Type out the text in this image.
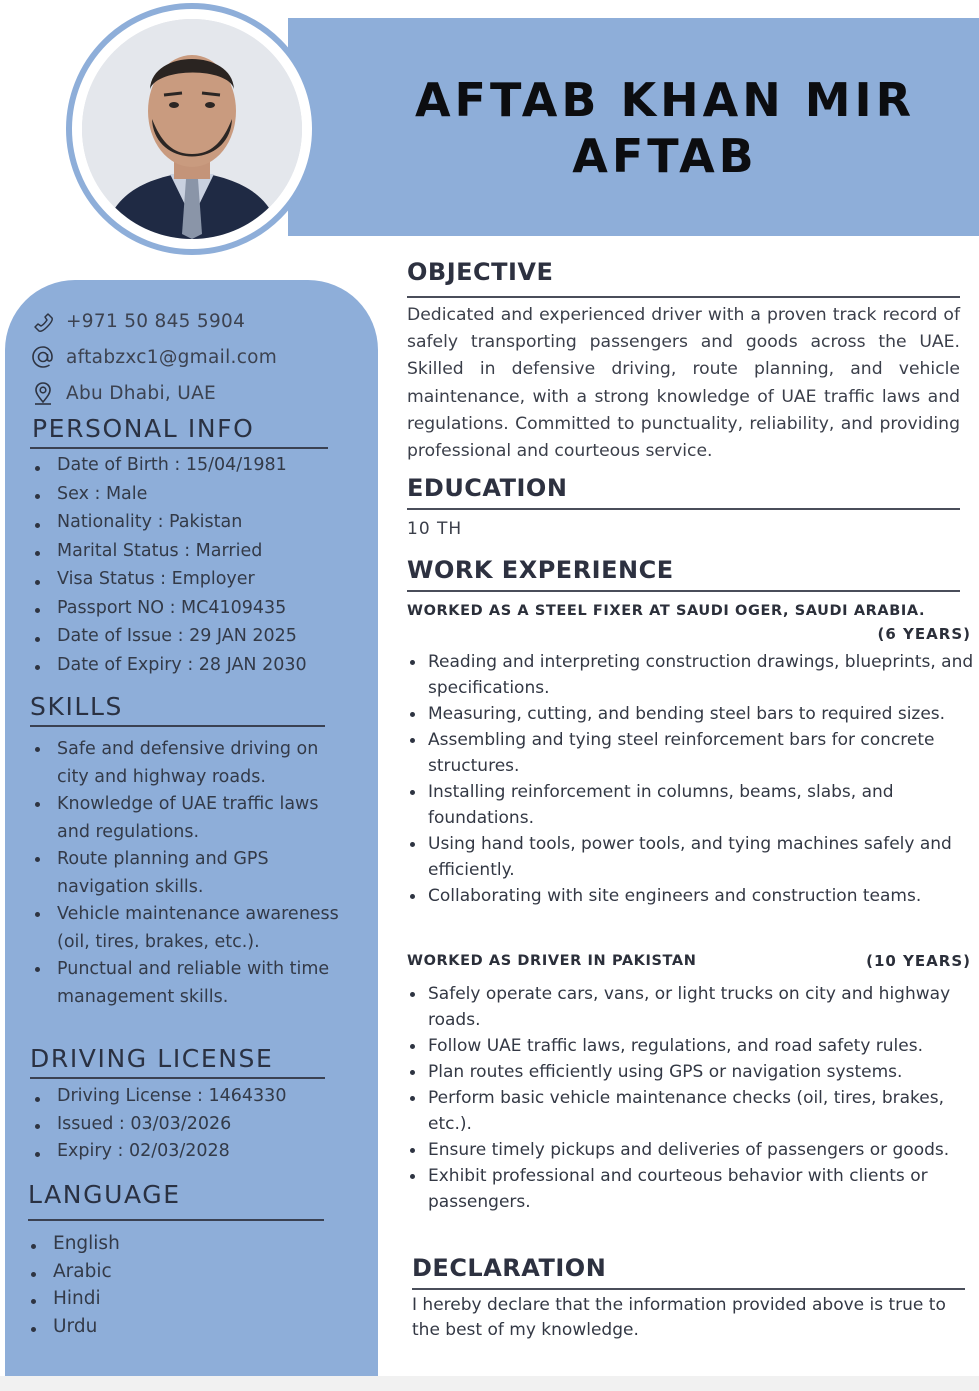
AFTAB KHAN MIR AFTAB
+971 50 845 5904
aftabzxc1@gmail.com
Abu Dhabi, UAE
PERSONAL INFO
Date of Birth : 15/04/1981
Sex : Male
Nationality : Pakistan
Marital Status : Married
Visa Status : Employer
Passport NO : MC4109435
Date of Issue : 29 JAN 2025
Date of Expiry : 28 JAN 2030
SKILLS
Safe and defensive driving on city and highway roads.
Knowledge of UAE traffic laws and regulations.
Route planning and GPS navigation skills.
Vehicle maintenance awareness (oil, tires, brakes, etc.).
Punctual and reliable with time management skills.
DRIVING LICENSE
Driving License : 1464330
Issued : 03/03/2026
Expiry : 02/03/2028
LANGUAGE
English
Arabic
Hindi
Urdu
OBJECTIVE

Dedicated and experienced driver with a proven track record of safely transporting passengers and goods across the UAE. Skilled in defensive driving, route planning, and vehicle maintenance, with a strong knowledge of UAE traffic laws and regulations. Committed to punctuality, reliability, and providing professional and courteous service.

EDUCATION

10 TH

WORK EXPERIENCE
WORKED AS A STEEL FIXER AT SAUDI OGER, SAUDI ARABIA.
(6 YEARS)
Reading and interpreting construction drawings, blueprints, and specifications.
Measuring, cutting, and bending steel bars to required sizes.
Assembling and tying steel reinforcement bars for concrete structures.
Installing reinforcement in columns, beams, slabs, and foundations.
Using hand tools, power tools, and tying machines safely and efficiently.
Collaborating with site engineers and construction teams.
WORKED AS DRIVER IN PAKISTAN	(10 YEARS)
Safely operate cars, vans, or light trucks on city and highway roads.
Follow UAE traffic laws, regulations, and road safety rules.
Plan routes efficiently using GPS or navigation systems.
Perform basic vehicle maintenance checks (oil, tires, brakes, etc.).
Ensure timely pickups and deliveries of passengers or goods.
Exhibit professional and courteous behavior with clients or passengers.
DECLARATION

I hereby declare that the information provided above is true to the best of my knowledge.
